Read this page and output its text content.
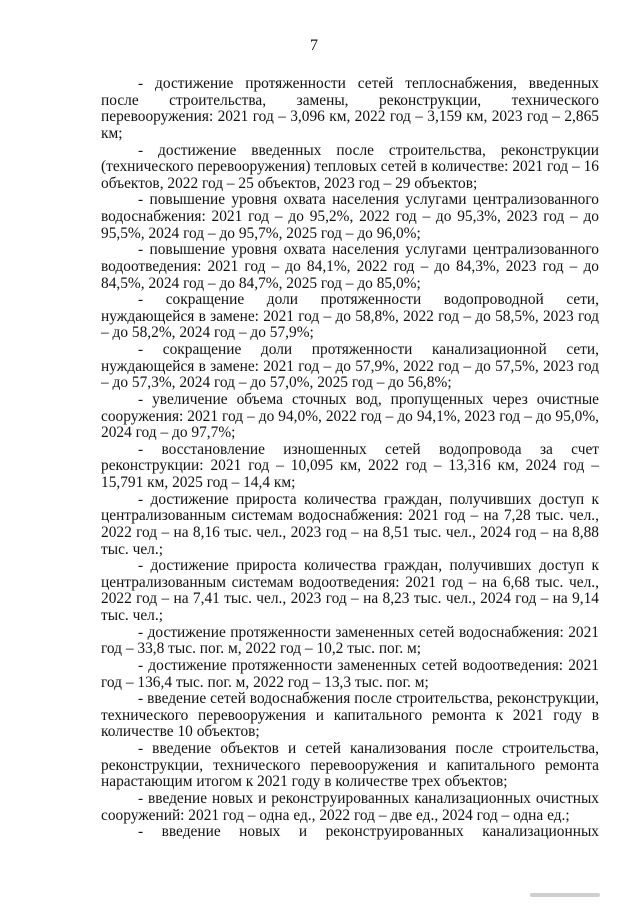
7

- достижение протяженности сетей теплоснабжения, введенных после строительства, замены, реконструкции, технического перевооружения: 2021 год – 3,096 км, 2022 год – 3,159 км, 2023 год – 2,865 км;

- достижение введенных после строительства, реконструкции (технического перевооружения) тепловых сетей в количестве: 2021 год – 16 объектов, 2022 год – 25 объектов, 2023 год – 29 объектов;

- повышение уровня охвата населения услугами централизованного водоснабжения: 2021 год – до 95,2%, 2022 год – до 95,3%, 2023 год – до 95,5%, 2024 год – до 95,7%, 2025 год – до 96,0%;

- повышение уровня охвата населения услугами централизованного водоотведения: 2021 год – до 84,1%, 2022 год – до 84,3%, 2023 год – до 84,5%, 2024 год – до 84,7%, 2025 год – до 85,0%;

- сокращение доли протяженности водопроводной сети, нуждающейся в замене: 2021 год – до 58,8%, 2022 год – до 58,5%, 2023 год – до 58,2%, 2024 год – до 57,9%;

- сокращение доли протяженности канализационной сети, нуждающейся в замене: 2021 год – до 57,9%, 2022 год – до 57,5%, 2023 год – до 57,3%, 2024 год – до 57,0%, 2025 год – до 56,8%;

- увеличение объема сточных вод, пропущенных через очистные сооружения: 2021 год – до 94,0%, 2022 год – до 94,1%, 2023 год – до 95,0%, 2024 год – до 97,7%;

- восстановление изношенных сетей водопровода за счет реконструкции: 2021 год – 10,095 км, 2022 год – 13,316 км, 2024 год – 15,791 км, 2025 год – 14,4 км;

- достижение прироста количества граждан, получивших доступ к централизованным системам водоснабжения: 2021 год – на 7,28 тыс. чел., 2022 год – на 8,16 тыс. чел., 2023 год – на 8,51 тыс. чел., 2024 год – на 8,88 тыс. чел.;

- достижение прироста количества граждан, получивших доступ к централизованным системам водоотведения: 2021 год – на 6,68 тыс. чел., 2022 год – на 7,41 тыс. чел., 2023 год – на 8,23 тыс. чел., 2024 год – на 9,14 тыс. чел.;

- достижение протяженности замененных сетей водоснабжения: 2021 год – 33,8 тыс. пог. м, 2022 год – 10,2 тыс. пог. м;

- достижение протяженности замененных сетей водоотведения: 2021 год – 136,4 тыс. пог. м, 2022 год – 13,3 тыс. пог. м;

- введение сетей водоснабжения после строительства, реконструкции, технического перевооружения и капитального ремонта к 2021 году в количестве 10 объектов;

- введение объектов и сетей канализования после строительства, реконструкции, технического перевооружения и капитального ремонта нарастающим итогом к 2021 году в количестве трех объектов;

- введение новых и реконструированных канализационных очистных сооружений: 2021 год – одна ед., 2022 год – две ед., 2024 год – одна ед.;

- введение новых и реконструированных канализационных
